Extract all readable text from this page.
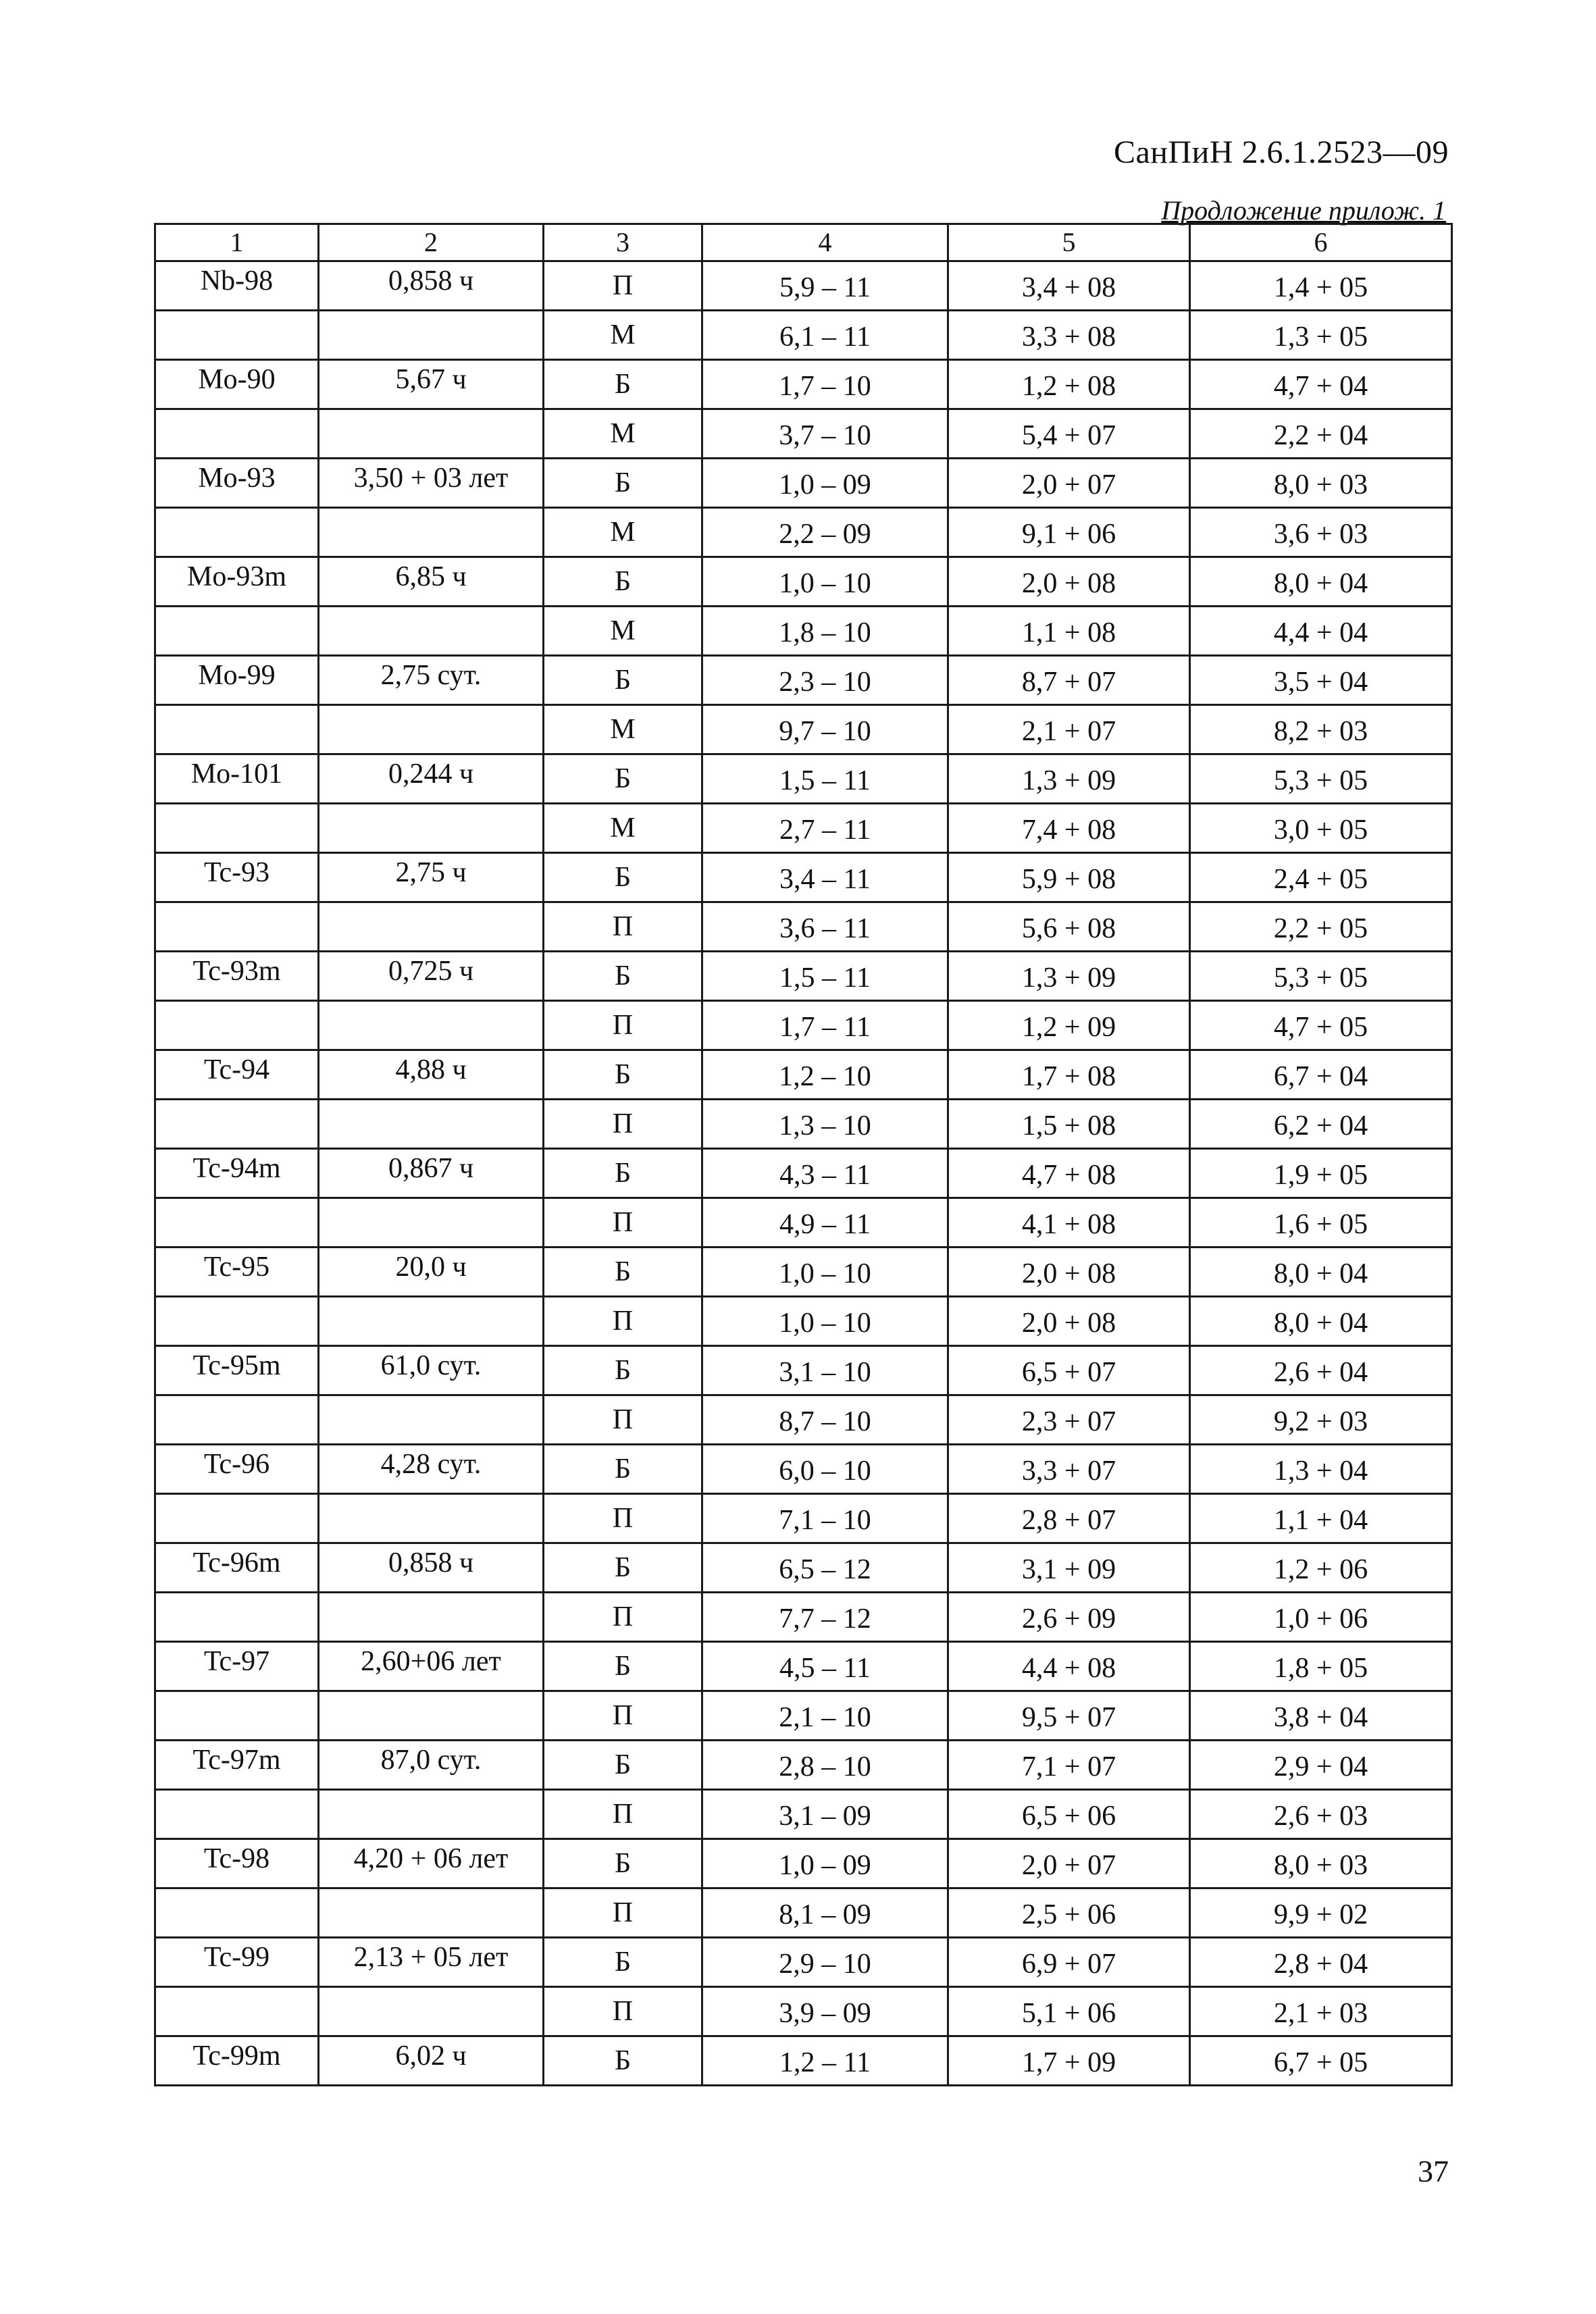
СанПиН 2.6.1.2523—09
Продложение прилож. 1
1	2	3	4	5	6
Nb-98	0,858 ч	П	5,9 – 11	3,4 + 08	1,4 + 05
		М	6,1 – 11	3,3 + 08	1,3 + 05
Mo-90	5,67 ч	Б	1,7 – 10	1,2 + 08	4,7 + 04
		М	3,7 – 10	5,4 + 07	2,2 + 04
Mo-93	3,50 + 03 лет	Б	1,0 – 09	2,0 + 07	8,0 + 03
		М	2,2 – 09	9,1 + 06	3,6 + 03
Mo-93m	6,85 ч	Б	1,0 – 10	2,0 + 08	8,0 + 04
		М	1,8 – 10	1,1 + 08	4,4 + 04
Mo-99	2,75 сут.	Б	2,3 – 10	8,7 + 07	3,5 + 04
		М	9,7 – 10	2,1 + 07	8,2 + 03
Mo-101	0,244 ч	Б	1,5 – 11	1,3 + 09	5,3 + 05
		М	2,7 – 11	7,4 + 08	3,0 + 05
Tc-93	2,75 ч	Б	3,4 – 11	5,9 + 08	2,4 + 05
		П	3,6 – 11	5,6 + 08	2,2 + 05
Tc-93m	0,725 ч	Б	1,5 – 11	1,3 + 09	5,3 + 05
		П	1,7 – 11	1,2 + 09	4,7 + 05
Tc-94	4,88 ч	Б	1,2 – 10	1,7 + 08	6,7 + 04
		П	1,3 – 10	1,5 + 08	6,2 + 04
Tc-94m	0,867 ч	Б	4,3 – 11	4,7 + 08	1,9 + 05
		П	4,9 – 11	4,1 + 08	1,6 + 05
Tc-95	20,0 ч	Б	1,0 – 10	2,0 + 08	8,0 + 04
		П	1,0 – 10	2,0 + 08	8,0 + 04
Tc-95m	61,0 сут.	Б	3,1 – 10	6,5 + 07	2,6 + 04
		П	8,7 – 10	2,3 + 07	9,2 + 03
Tc-96	4,28 сут.	Б	6,0 – 10	3,3 + 07	1,3 + 04
		П	7,1 – 10	2,8 + 07	1,1 + 04
Tc-96m	0,858 ч	Б	6,5 – 12	3,1 + 09	1,2 + 06
		П	7,7 – 12	2,6 + 09	1,0 + 06
Tc-97	2,60+06 лет	Б	4,5 – 11	4,4 + 08	1,8 + 05
		П	2,1 – 10	9,5 + 07	3,8 + 04
Tc-97m	87,0 сут.	Б	2,8 – 10	7,1 + 07	2,9 + 04
		П	3,1 – 09	6,5 + 06	2,6 + 03
Tc-98	4,20 + 06 лет	Б	1,0 – 09	2,0 + 07	8,0 + 03
		П	8,1 – 09	2,5 + 06	9,9 + 02
Tc-99	2,13 + 05 лет	Б	2,9 – 10	6,9 + 07	2,8 + 04
		П	3,9 – 09	5,1 + 06	2,1 + 03
Tc-99m	6,02 ч	Б	1,2 – 11	1,7 + 09	6,7 + 05
37
